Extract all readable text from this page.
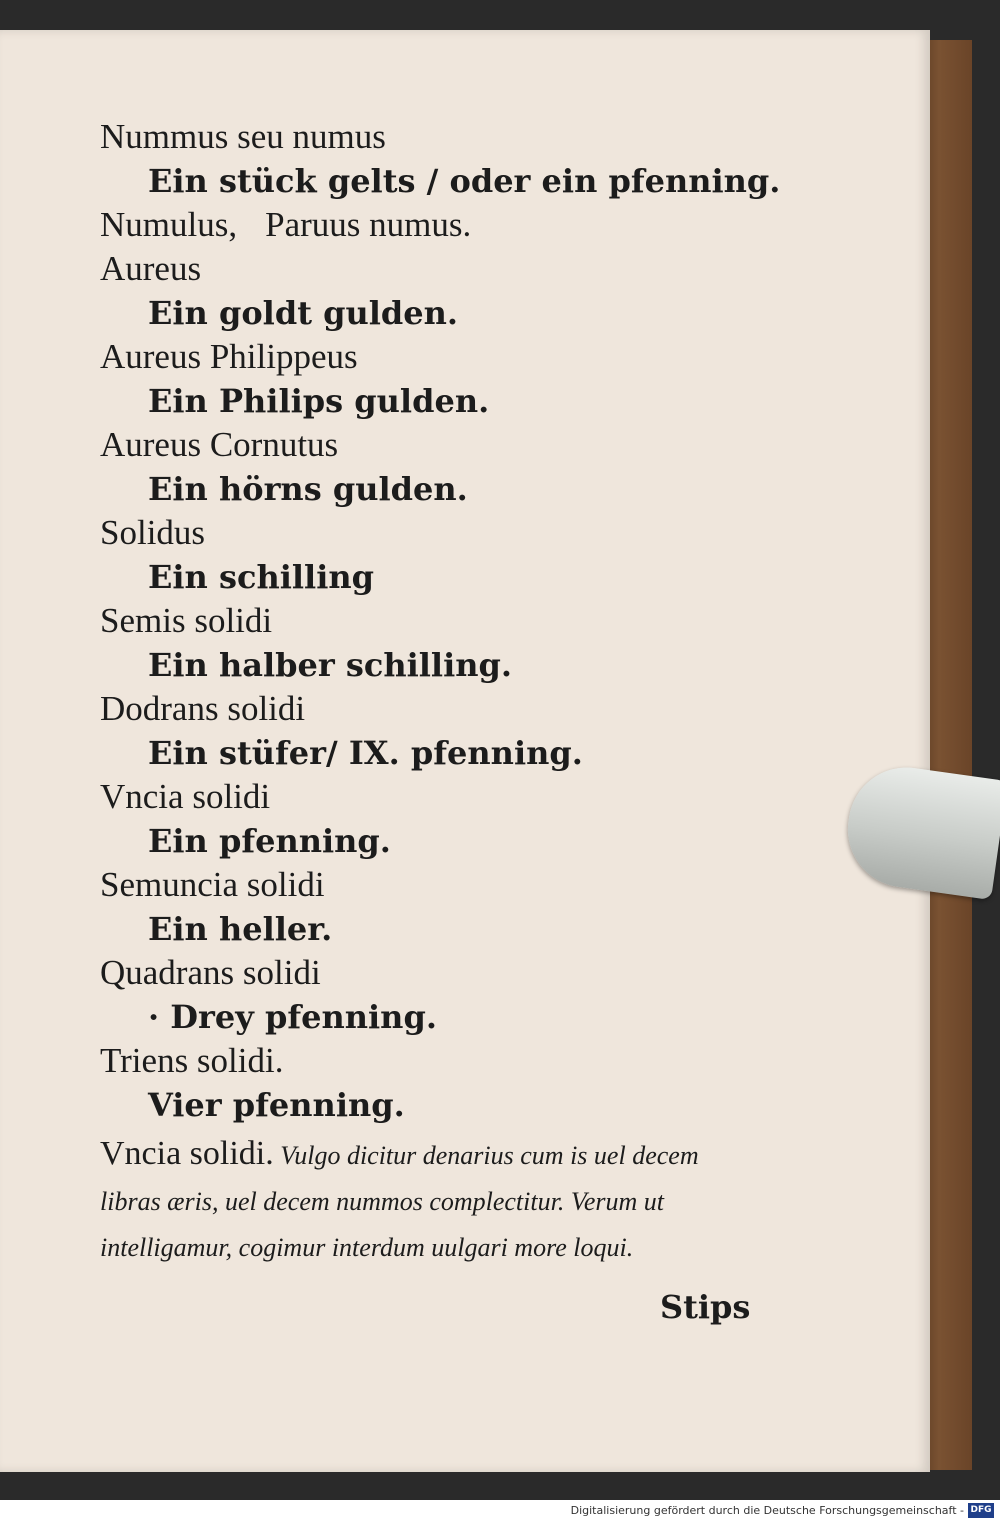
Nummus seu numus
Ein stück gelts / oder ein pfenning.
Numulus, Paruus numus.
Aureus
Ein goldt gulden.
Aureus Philippeus
Ein Philips gulden.
Aureus Cornutus
Ein hörns gulden.
Solidus
Ein schilling
Semis solidi
Ein halber schilling.
Dodrans solidi
Ein stüfer/ IX. pfenning.
Vncia solidi
Ein pfenning.
Semuncia solidi
Ein heller.
Quadrans solidi
· Drey pfenning.
Triens solidi.
Vier pfenning.
Vncia solidi. Vulgo dicitur denarius cum is uel decem libras æris, uel decem nummos complectitur. Verum ut intelligamur, cogimur interdum uulgari more loqui.
Stips
Digitalisierung gefördert durch die Deutsche Forschungsgemeinschaft - DFG
